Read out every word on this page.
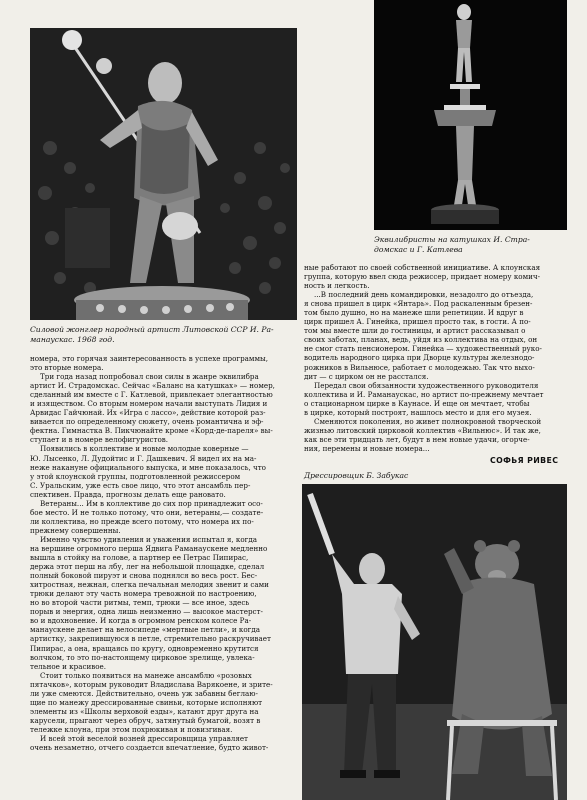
Силовой жонглер народный артист Литовской ССР И. Ра-
манаускас. 1968 год.
Эквилибристы на катушках И. Стра-
домскас и Г. Катлева

номера, это горячая заинтересованность в успехе программы,
это вторые номера.

Три года назад попробовал свои силы в жанре эквилибра
артист И. Страдомскас. Сейчас «Баланс на катушках» — номер,
сделанный им вместе с Г. Катлевой, привлекает элегантностью
и изяществом. Со вторым номером начали выступать Лидия и
Арвидас Гайчюнай. Их «Игра с лассо», действие которой раз-
вивается по определенному сюжету, очень романтична и эф-
фектна. Гимнастка В. Пикчюнайте кроме «Корд-де-пареля» вы-
ступает и в номере велофигуристов.

Появились в коллективе и новые молодые коверные —
Ю. Лысенко, Л. Дудойтис и Г. Дашкевич. Я видел их на ма-
неже накануне официального выпуска, и мне показалось, что
у этой клоунской группы, подготовленной режиссером
С. Уральским, уже есть свое лицо, что этот ансамбль пер-
спективен. Правда, прогнозы делать еще рановато.

Ветераны... Им в коллективе до сих пор принадлежит осо-
бое место. И не только потому, что они, ветераны,— создате-
ли коллектива, но прежде всего потому, что номера их по-
прежнему совершенны.

Именно чувство удивления и уважения испытал я, когда
на вершине огромного перша Ядвига Раманаускене медленно
вышла в стойку на голове, а партнер ее Петрас Пипирас,
держа этот перш на лбу, лег на небольшой площадке, сделал
полный боковой пируэт и снова поднялся во весь рост. Бес-
хитростная, нежная, слегка печальная мелодия звенит и сами
трюки делают эту часть номера тревожной по настроению,
но во второй части ритмы, темп, трюки — все иное, здесь
порыв и энергия, одна лишь неизменно — высокое мастерст-
во и вдохновение. И когда в огромном ренском колесе Ра-
манаускене делает на велосипеде «мертвые петли», и когда
артистку, закрепившуюся в петле, стремительно раскручивает
Пипирас, а она, вращаясь по кругу, одновременно крутится
волчком, то это по-настоящему цирковое зрелище, увлека-
тельное и красивое.

Стоит только появиться на манеже ансамблю «розовых
пятачков», которым руководит Владислава Варякоене, и зрите-
ли уже смеются. Действительно, очень уж забавны беглаю-
щие по манежу дрессированные свиньи, которые исполняют
элементы из «Школы верховой езды», катают друг друга на
карусели, прыгают через обруч, затянутый бумагой, возят в
тележке клоуна, при этом похрюкивая и повизгивая.

И всей этой веселой возней дрессировщица управляет
очень незаметно, отчего создается впечатление, будто живот-

ные работают по своей собственной инициативе. А клоунская
группа, которую ввел сюда режиссер, придает номеру комич-
ность и легкость.

...В последний день командировки, незадолго до отъезда,
я снова пришел в цирк «Янтарь». Под раскаленным брезен-
том было душно, но на манеже шли репетиции. И вдруг в
цирк пришел А. Гинейка, пришел просто так, в гости. А по-
том мы вместе шли до гостиницы, и артист рассказывал о
своих заботах, планах, ведь, уйдя из коллектива на отдых, он
не смог стать пенсионером. Гинейка — художественный руко-
водитель народного цирка при Дворце культуры железнодо-
рожников в Вильнюсе, работает с молодежью. Так что выхо-
дит — с цирком он не расстался.

Передал свои обязанности художественного руководителя
коллектива и И. Раманаускас, но артист по-прежнему мечтает
о стационарном цирке в Каунасе. И еще он мечтает, чтобы
в цирке, который построят, нашлось место и для его музея.

Сменяются поколения, но живет полнокровной творческой
жизнью литовский цирковой коллектив «Вильнюс». И так же,
как все эти тридцать лет, будут в нем новые удачи, огорче-
ния, перемены и новые номера...

СОФЬЯ РИВЕС
Дрессировщик Б. Забукас
